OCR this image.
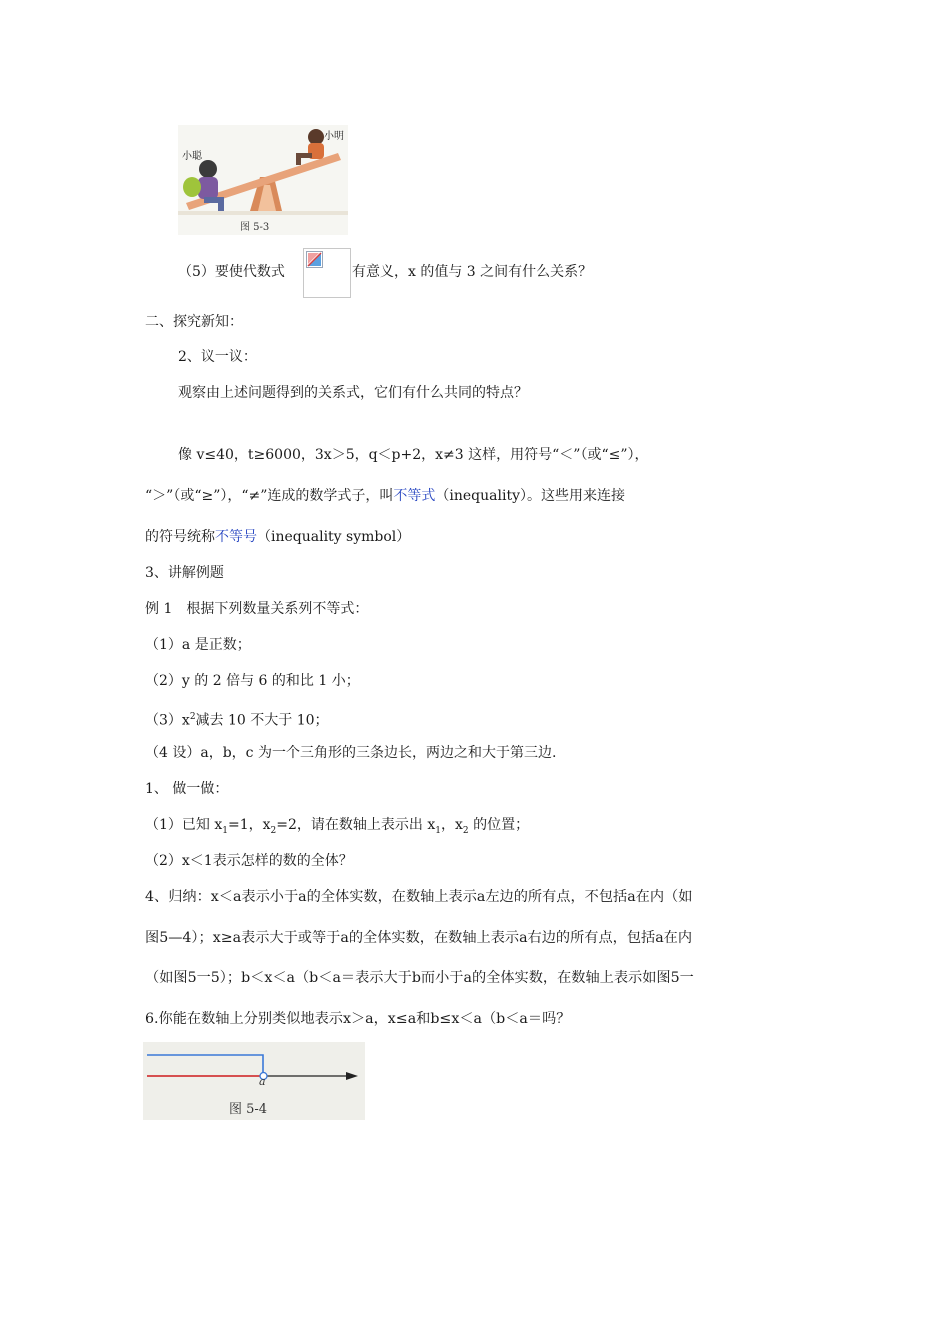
小聪
小明
图 5-3
（5）要使代数式	有意义，x 的值与 3 之间有什么关系？
二、探究新知：
2、议一议：
观察由上述问题得到的关系式，它们有什么共同的特点？
像 v≤40，t≥6000，3x＞5，q＜p+2，x≠3 这样，用符号“＜”（或“≤”），
“＞”（或“≥”），“≠”连成的数学式子，叫不等式（inequality）。这些用来连接
的符号统称不等号（inequality symbol）
3、讲解例题
例 1　根据下列数量关系列不等式：
（1）a 是正数；
（2）y 的 2 倍与 6 的和比 1 小；
$(3)x^2$减去 10 不大于 10；
（4 设）a，b，c 为一个三角形的三条边长，两边之和大于第三边.
1、 做一做：
（1）已知 $x_1=1$，$x_2=2$，请在数轴上表示出 $x_1$，$x_2$ 的位置；
（2）x＜1表示怎样的数的全体？
4、归纳：x＜a表示小于a的全体实数，在数轴上表示a左边的所有点，不包括a在内（如
图5—4）；x≥a表示大于或等于a的全体实数，在数轴上表示a右边的所有点，包括a在内
（如图5一5）；b＜x＜a（b＜a＝表示大于b而小于a的全体实数，在数轴上表示如图5一
6.你能在数轴上分别类似地表示x＞a，x≤a和b≤x＜a（b＜a＝吗？
a
图 5-4
